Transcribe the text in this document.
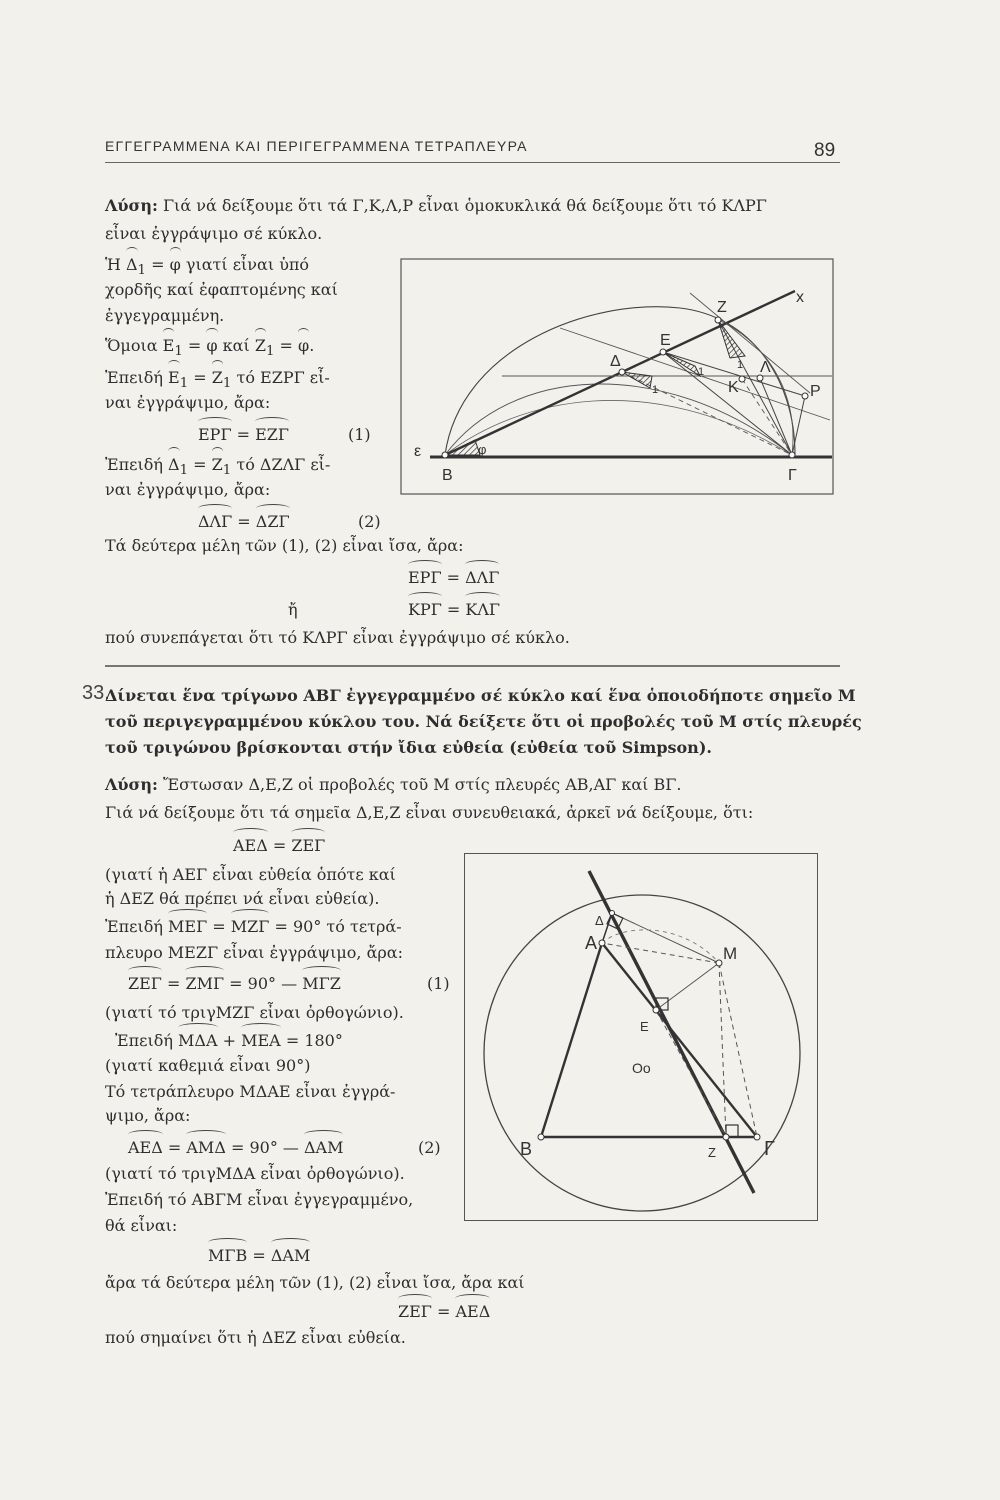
ΕΓΓΕΓΡΑΜΜΕΝΑ ΚΑΙ ΠΕΡΙΓΕΓΡΑΜΜΕΝΑ ΤΕΤΡΑΠΛΕΥΡΑ	89
Λύση: Γιά νά δείξουμε ὅτι τά Γ,Κ,Λ,Ρ εἶναι ὁμοκυκλικά θά δείξουμε ὅτι τό ΚΛΡΓ
εἶναι ἐγγράψιμο σέ κύκλο.
Ἡ $\Delta_1 = \varphi$ γιατί εἶναι ὑπό
χορδῆς καί ἐφαπτομένης καί
ἐγγεγραμμένη.
Ὅμοια $E_1 = \varphi$ καί $Z_1 = \varphi$.
Ἐπειδή $E_1 = Z_1$ τό ΕΖΡΓ εἶ-
ναι ἐγγράψιμο, ἄρα:
ΕΡΓ = ΕΖΓ	(1)
Ἐπειδή $\Delta_1 = Z_1$ τό ΔΖΛΓ εἶ-
ναι ἐγγράψιμο, ἄρα:
ΔΛΓ = ΔΖΓ	(2)
Τά δεύτερα μέλη τῶν (1), (2) εἶναι ἴσα, ἄρα:
ΕΡΓ = ΔΛΓ
ἤ	ΚΡΓ = ΚΛΓ
πού συνεπάγεται ὅτι τό ΚΛΡΓ εἶναι ἐγγράψιμο σέ κύκλο.
x
Z
E
Δ	Λ
K	P
ε
B	Γ
φ
1
1
1
33.
Δίνεται ἕνα τρίγωνο ΑΒΓ ἐγγεγραμμένο σέ κύκλο καί ἕνα ὁποιοδήποτε σημεῖο Μ
τοῦ περιγεγραμμένου κύκλου του. Νά δείξετε ὅτι οἱ προβολές τοῦ Μ στίς πλευρές
τοῦ τριγώνου βρίσκονται στήν ἴδια εὐθεία (εὐθεία τοῦ Simpson).
Λύση: Ἔστωσαν Δ,Ε,Ζ οἱ προβολές τοῦ Μ στίς πλευρές ΑΒ,ΑΓ καί ΒΓ.
Γιά νά δείξουμε ὅτι τά σημεῖα Δ,Ε,Ζ εἶναι συνευθειακά, ἀρκεῖ νά δείξουμε, ὅτι:
ΑΕΔ = ΖΕΓ
(γιατί ἡ ΑΕΓ εἶναι εὐθεία ὁπότε καί
ἡ ΔΕΖ θά πρέπει νά εἶναι εὐθεία).
Ἐπειδή ΜΕΓ = ΜΖΓ = 90° τό τετρά-
πλευρο ΜΕΖΓ εἶναι ἐγγράψιμο, ἄρα:
ΖΕΓ = ΖΜΓ = 90° — ΜΓΖ	(1)
(γιατί τό τριγΜΖΓ εἶναι ὀρθογώνιο).
Ἐπειδή ΜΔΑ + ΜΕΑ = 180°
(γιατί καθεμιά εἶναι 90°)
Τό τετράπλευρο ΜΔΑΕ εἶναι ἐγγρά-
ψιμο, ἄρα:
ΑΕΔ = ΑΜΔ = 90° — ΔΑΜ	(2)
(γιατί τό τριγΜΔΑ εἶναι ὀρθογώνιο).
Ἐπειδή τό ΑΒΓΜ εἶναι ἐγγεγραμμένο,
θά εἶναι:
ΜΓΒ = ΔΑΜ
ἄρα τά δεύτερα μέλη τῶν (1), (2) εἶναι ἴσα, ἄρα καί
ΖΕΓ = ΑΕΔ
πού σημαίνει ὅτι ἡ ΔΕΖ εἶναι εὐθεία.
Δ
A
M
E
Oo
B	Z Γ
